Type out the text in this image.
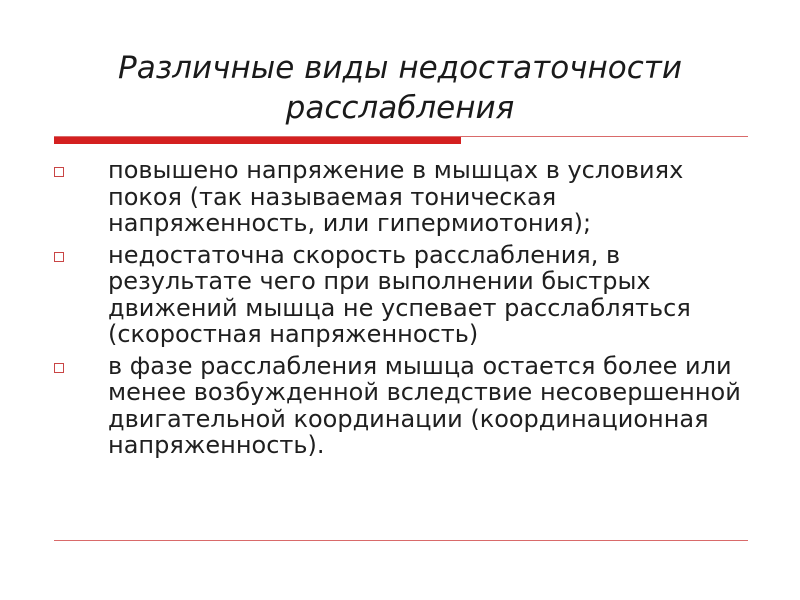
Различные виды недостаточности расслабления
повышено напряжение в мышцах в условиях покоя (так называемая тоническая напряженность, или гипермиотония);
недостаточна скорость расслабления, в результате чего при выполнении быстрых движений мышца не успевает расслабляться (скоростная напряженность)
в фазе расслабления мышца остается более или менее возбужденной вследствие несовершенной двигательной координации (координационная напряженность).
